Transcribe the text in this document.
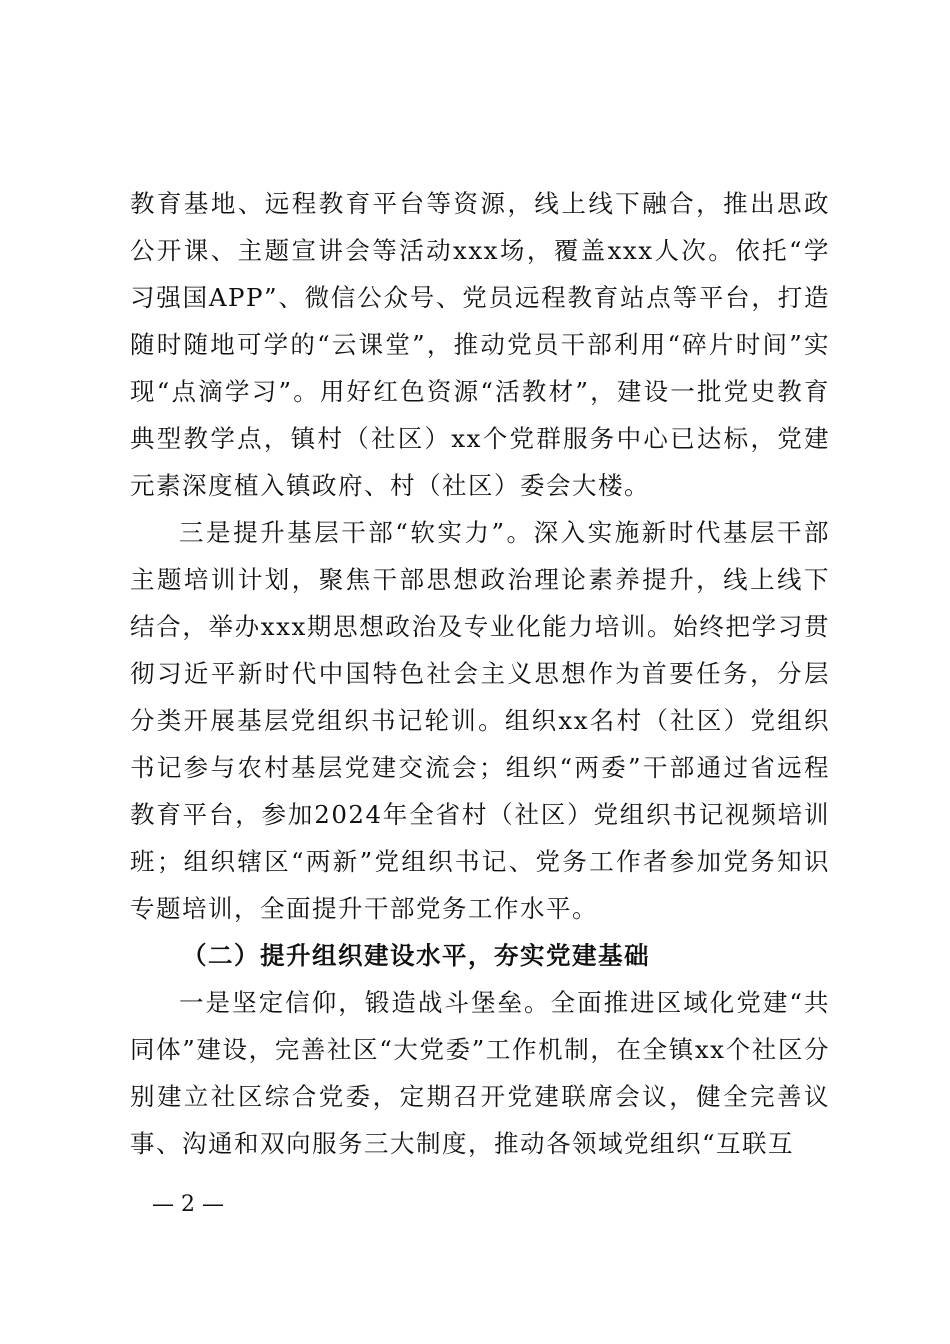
教育基地、远程教育平台等资源，线上线下融合，推出思政公开课、主题宣讲会等活动xxx场，覆盖xxx人次。依托“学习强国APP”、微信公众号、党员远程教育站点等平台，打造随时随地可学的“云课堂”，推动党员干部利用“碎片时间”实现“点滴学习”。用好红色资源“活教材”，建设一批党史教育典型教学点，镇村（社区）xx个党群服务中心已达标，党建元素深度植入镇政府、村（社区）委会大楼。

三是提升基层干部“软实力”。深入实施新时代基层干部主题培训计划，聚焦干部思想政治理论素养提升，线上线下结合，举办xxx期思想政治及专业化能力培训。始终把学习贯彻习近平新时代中国特色社会主义思想作为首要任务，分层分类开展基层党组织书记轮训。组织xx名村（社区）党组织书记参与农村基层党建交流会；组织“两委”干部通过省远程教育平台，参加2024年全省村（社区）党组织书记视频培训班；组织辖区“两新”党组织书记、党务工作者参加党务知识专题培训，全面提升干部党务工作水平。

（二）提升组织建设水平，夯实党建基础

一是坚定信仰，锻造战斗堡垒。全面推进区域化党建“共同体”建设，完善社区“大党委”工作机制，在全镇xx个社区分别建立社区综合党委，定期召开党建联席会议，健全完善议事、沟通和双向服务三大制度，推动各领域党组织“互联互

— 2 —
